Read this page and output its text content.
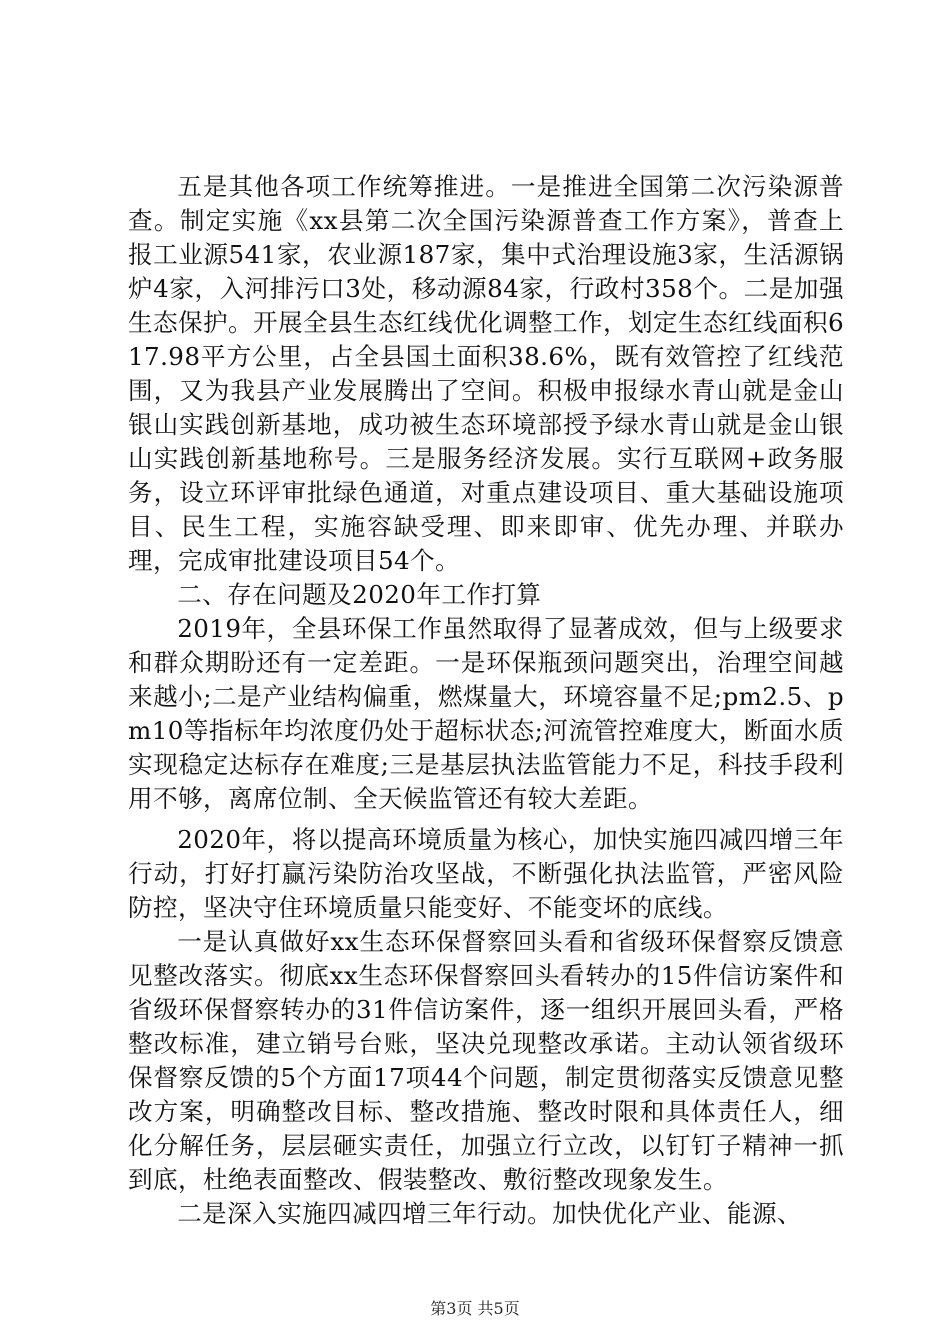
五是其他各项工作统筹推进。一是推进全国第二次污染源普查。制定实施《xx县第二次全国污染源普查工作方案》，普查上报工业源541家，农业源187家，集中式治理设施3家，生活源锅炉4家，入河排污口3处，移动源84家，行政村358个。二是加强生态保护。开展全县生态红线优化调整工作，划定生态红线面积617.98平方公里，占全县国土面积38.6%，既有效管控了红线范围，又为我县产业发展腾出了空间。积极申报绿水青山就是金山银山实践创新基地，成功被生态环境部授予绿水青山就是金山银山实践创新基地称号。三是服务经济发展。实行互联网+政务服务，设立环评审批绿色通道，对重点建设项目、重大基础设施项目、民生工程，实施容缺受理、即来即审、优先办理、并联办理，完成审批建设项目54个。

二、存在问题及2020年工作打算

2019年，全县环保工作虽然取得了显著成效，但与上级要求和群众期盼还有一定差距。一是环保瓶颈问题突出，治理空间越来越小;二是产业结构偏重，燃煤量大，环境容量不足;pm2.5、pm10等指标年均浓度仍处于超标状态;河流管控难度大，断面水质实现稳定达标存在难度;三是基层执法监管能力不足，科技手段利用不够，离席位制、全天候监管还有较大差距。

2020年，将以提高环境质量为核心，加快实施四减四增三年行动，打好打赢污染防治攻坚战，不断强化执法监管，严密风险防控，坚决守住环境质量只能变好、不能变坏的底线。

一是认真做好xx生态环保督察回头看和省级环保督察反馈意见整改落实。彻底xx生态环保督察回头看转办的15件信访案件和省级环保督察转办的31件信访案件，逐一组织开展回头看，严格整改标准，建立销号台账，坚决兑现整改承诺。主动认领省级环保督察反馈的5个方面17项44个问题，制定贯彻落实反馈意见整改方案，明确整改目标、整改措施、整改时限和具体责任人，细化分解任务，层层砸实责任，加强立行立改，以钉钉子精神一抓到底，杜绝表面整改、假装整改、敷衍整改现象发生。

二是深入实施四减四增三年行动。加快优化产业、能源、

第3页 共5页
